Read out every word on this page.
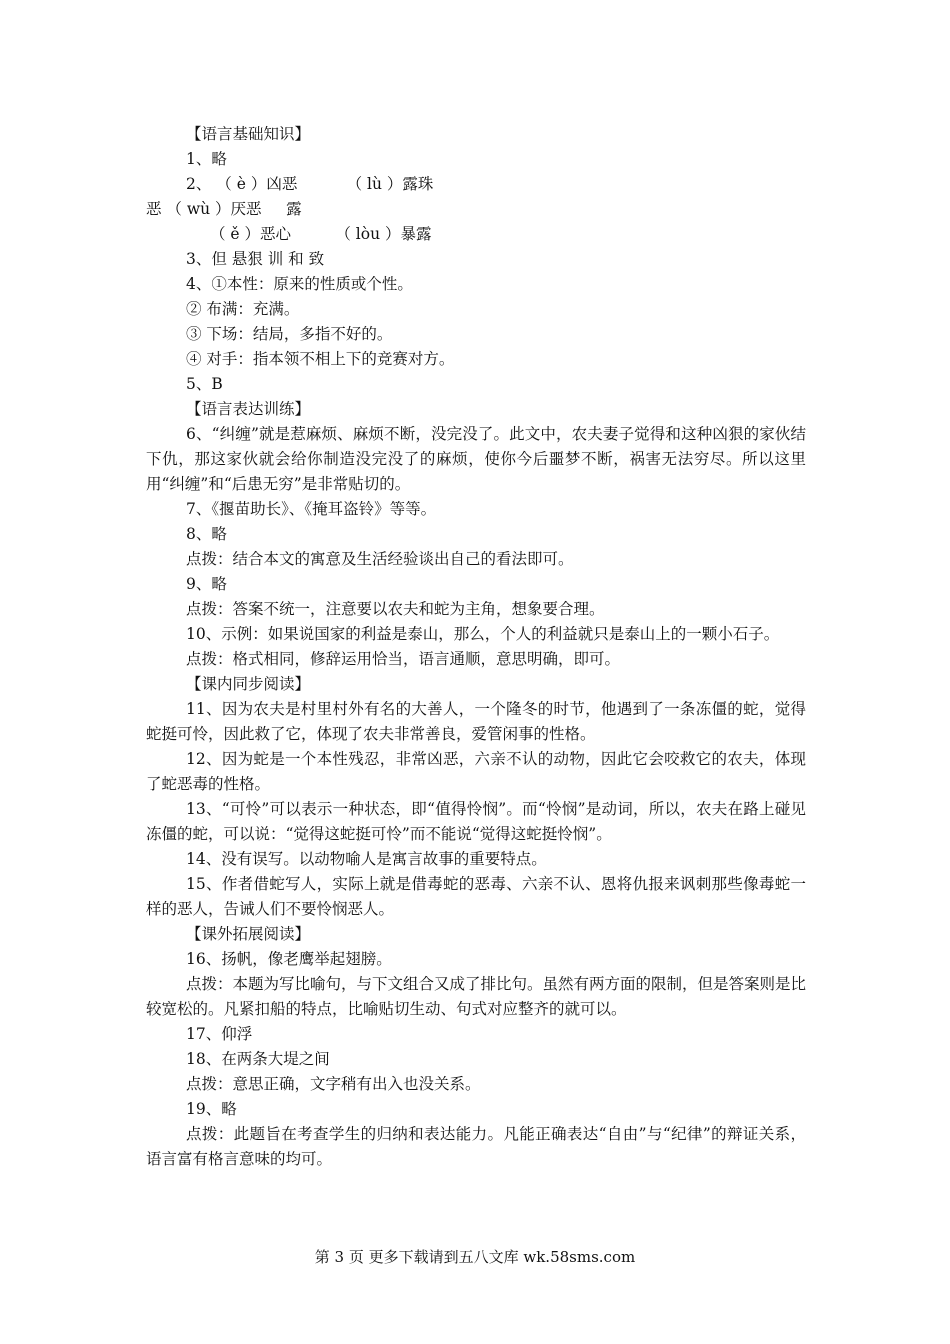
【语言基础知识】
1、略
2、 （ è ）凶恶          （ lù ）露珠
恶 （ wù ）厌恶     露
（ ě ）恶心         （ lòu ）暴露
3、但 悬狠 训 和 致
4、①本性：原来的性质或个性。
② 布满：充满。
③ 下场：结局，多指不好的。
④ 对手：指本领不相上下的竞赛对方。
5、B
【语言表达训练】

6、“纠缠”就是惹麻烦、麻烦不断，没完没了。此文中，农夫妻子觉得和这种凶狠的家伙结下仇，那这家伙就会给你制造没完没了的麻烦，使你今后噩梦不断，祸害无法穷尽。所以这里用“纠缠”和“后患无穷”是非常贴切的。

7、《揠苗助长》、《掩耳盗铃》等等。
8、略
点拨：结合本文的寓意及生活经验谈出自己的看法即可。
9、略
点拨：答案不统一，注意要以农夫和蛇为主角，想象要合理。

10、示例：如果说国家的利益是泰山，那么，个人的利益就只是泰山上的一颗小石子。

点拨：格式相同，修辞运用恰当，语言通顺，意思明确，即可。
【课内同步阅读】

11、因为农夫是村里村外有名的大善人，一个隆冬的时节，他遇到了一条冻僵的蛇，觉得蛇挺可怜，因此救了它，体现了农夫非常善良，爱管闲事的性格。

12、因为蛇是一个本性残忍，非常凶恶，六亲不认的动物，因此它会咬救它的农夫，体现了蛇恶毒的性格。

13、“可怜”可以表示一种状态，即“值得怜悯”。而“怜悯”是动词，所以，农夫在路上碰见冻僵的蛇，可以说：“觉得这蛇挺可怜”而不能说“觉得这蛇挺怜悯”。

14、没有误写。以动物喻人是寓言故事的重要特点。

15、作者借蛇写人，实际上就是借毒蛇的恶毒、六亲不认、恩将仇报来讽刺那些像毒蛇一样的恶人，告诫人们不要怜悯恶人。

【课外拓展阅读】
16、扬帆，像老鹰举起翅膀。

点拨：本题为写比喻句，与下文组合又成了排比句。虽然有两方面的限制，但是答案则是比较宽松的。凡紧扣船的特点，比喻贴切生动、句式对应整齐的就可以。

17、仰浮
18、在两条大堤之间
点拨：意思正确，文字稍有出入也没关系。
19、略

点拨：此题旨在考查学生的归纳和表达能力。凡能正确表达“自由”与“纪律”的辩证关系，语言富有格言意味的均可。

第 3 页 更多下载请到五八文库 wk.58sms.com
